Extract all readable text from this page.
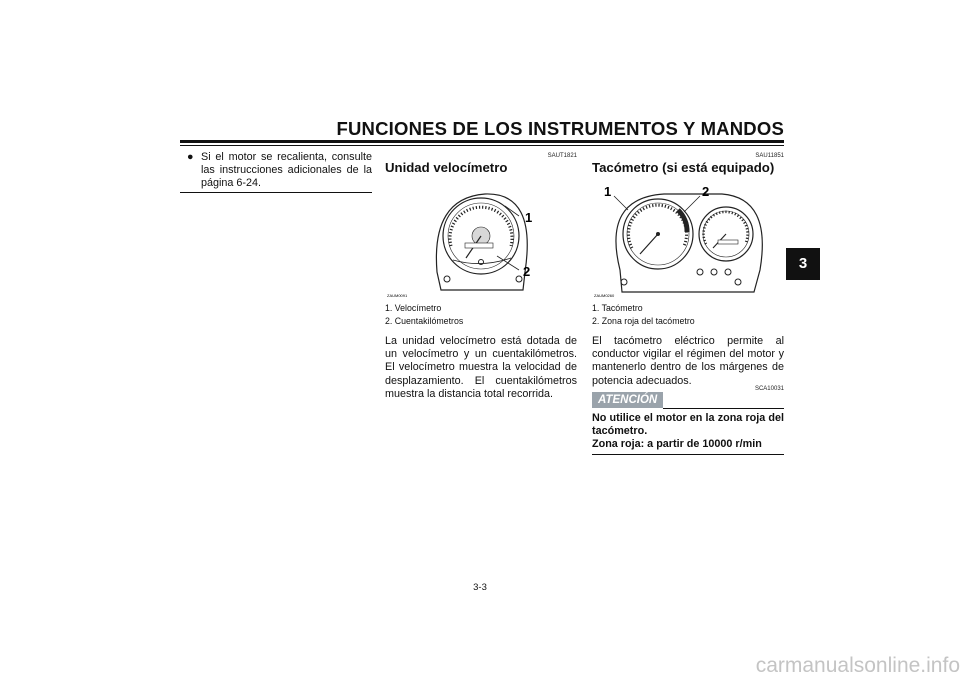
FUNCIONES DE LOS INSTRUMENTOS Y MANDOS
3
● Si el motor se recalienta, consulte las instrucciones adicionales de la página 6-24.
SAUT1821
Unidad velocímetro
1
2
ZAUM0091
1. Velocímetro
2. Cuentakilómetros
La unidad velocímetro está dotada de un velocímetro y un cuentakilómetros. El velocímetro muestra la velocidad de desplazamiento. El cuentakilómetros muestra la distancia total recorrida.
SAU11851
Tacómetro (si está equipado)
1	2
ZAUM0260
1. Tacómetro
2. Zona roja del tacómetro
El tacómetro eléctrico permite al conductor vigilar el régimen del motor y mantenerlo dentro de los márgenes de potencia adecuados.
SCA10031
ATENCIÓN
No utilice el motor en la zona roja del tacómetro.
Zona roja: a partir de 10000 r/min
3-3
carmanualsonline.info
